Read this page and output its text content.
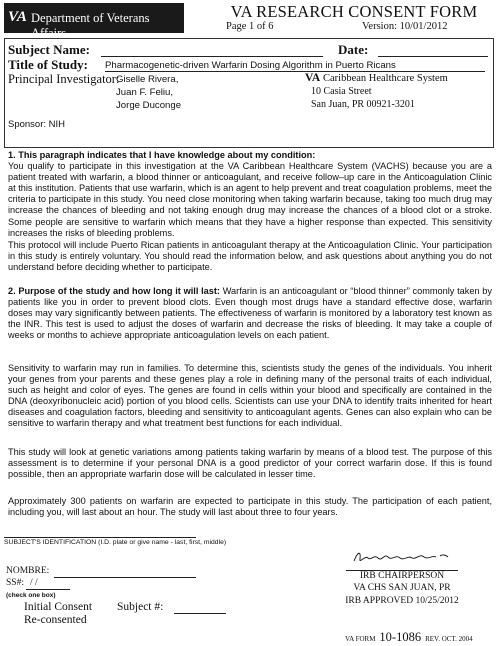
VA Department of Veterans Affairs
VA RESEARCH CONSENT FORM
Page 1 of 6	Version: 10/01/2012
Subject Name:	Date:
Title of Study: Pharmacogenetic-driven Warfarin Dosing Algorithm in Puerto Ricans
Principal Investigator:
Giselle Rivera,
Juan F. Feliu,
Jorge Duconge
VA Caribbean Healthcare System
10 Casia Street
San Juan, PR 00921-3201
Sponsor: NIH

1. This paragraph indicates that I have knowledge about my condition:
You qualify to participate in this investigation at the VA Caribbean Healthcare System (VACHS) because you are a patient treated with warfarin, a blood thinner or anticoagulant, and receive follow–up care in the Anticoagulation Clinic at this institution. Patients that use warfarin, which is an agent to help prevent and treat coagulation problems, meet the criteria to participate in this study. You need close monitoring when taking warfarin because, taking too much drug may increase the chances of bleeding and not taking enough drug may increase the chances of a blood clot or a stroke. Some people are sensitive to warfarin which means that they have a higher response than expected. This sensitivity increases the risks of bleeding problems.

This protocol will include Puerto Rican patients in anticoagulant therapy at the Anticoagulation Clinic. Your participation in this study is entirely voluntary. You should read the information below, and ask questions about anything you do not understand before deciding whether to participate.

2. Purpose of the study and how long it will last: Warfarin is an anticoagulant or “blood thinner” commonly taken by patients like you in order to prevent blood clots. Even though most drugs have a standard effective dose, warfarin doses may vary significantly between patients. The effectiveness of warfarin is monitored by a laboratory test known as the INR. This test is used to adjust the doses of warfarin and decrease the risks of bleeding. It may take a couple of weeks or months to achieve appropriate anticoagulation levels on each patient.

Sensitivity to warfarin may run in families. To determine this, scientists study the genes of the individuals. You inherit your genes from your parents and these genes play a role in defining many of the personal traits of each individual, such as height and color of eyes. The genes are found in cells within your blood and specifically are contained in the DNA (deoxyribonucleic acid) portion of you blood cells. Scientists can use your DNA to identify traits inherited for heart diseases and coagulation factors, bleeding and sensitivity to anticoagulant agents. Genes can also explain who can be sensitive to warfarin therapy and what treatment best functions for each individual.

This study will look at genetic variations among patients taking warfarin by means of a blood test. The purpose of this assessment is to determine if your personal DNA is a good predictor of your correct warfarin dose. If this is found possible, then an appropriate warfarin dose will be calculated in lesser time.

Approximately 300 patients on warfarin are expected to participate in this study. The participation of each patient, including you, will last about an hour. The study will last about three to four years.

SUBJECT'S IDENTIFICATION (I.D. plate or give name - last, first, middle)
NOMBRE:
SS#: / /
(check one box)
Initial Consent Subject #:
Re-consented
IRB CHAIRPERSON
VA CHS SAN JUAN, PR
IRB APPROVED 10/25/2012
VA FORM 10-1086 REV. OCT. 2004
